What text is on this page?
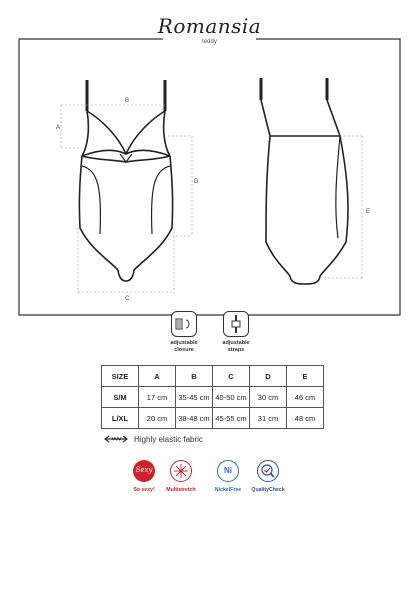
Romansia
teddy
B
A
D
C
E
adjustable
closure
adjustable
straps
SIZE	A	B	C	D	E
S/M	17 cm	35-45 cm	40-50 cm	30 cm	46 cm
L/XL	20 cm	38-48 cm	45-55 cm	31 cm	48 cm
Highly elastic fabric
Sexy
So sexy!	Multistretch
Ni
NickelFree	QualityCheck
